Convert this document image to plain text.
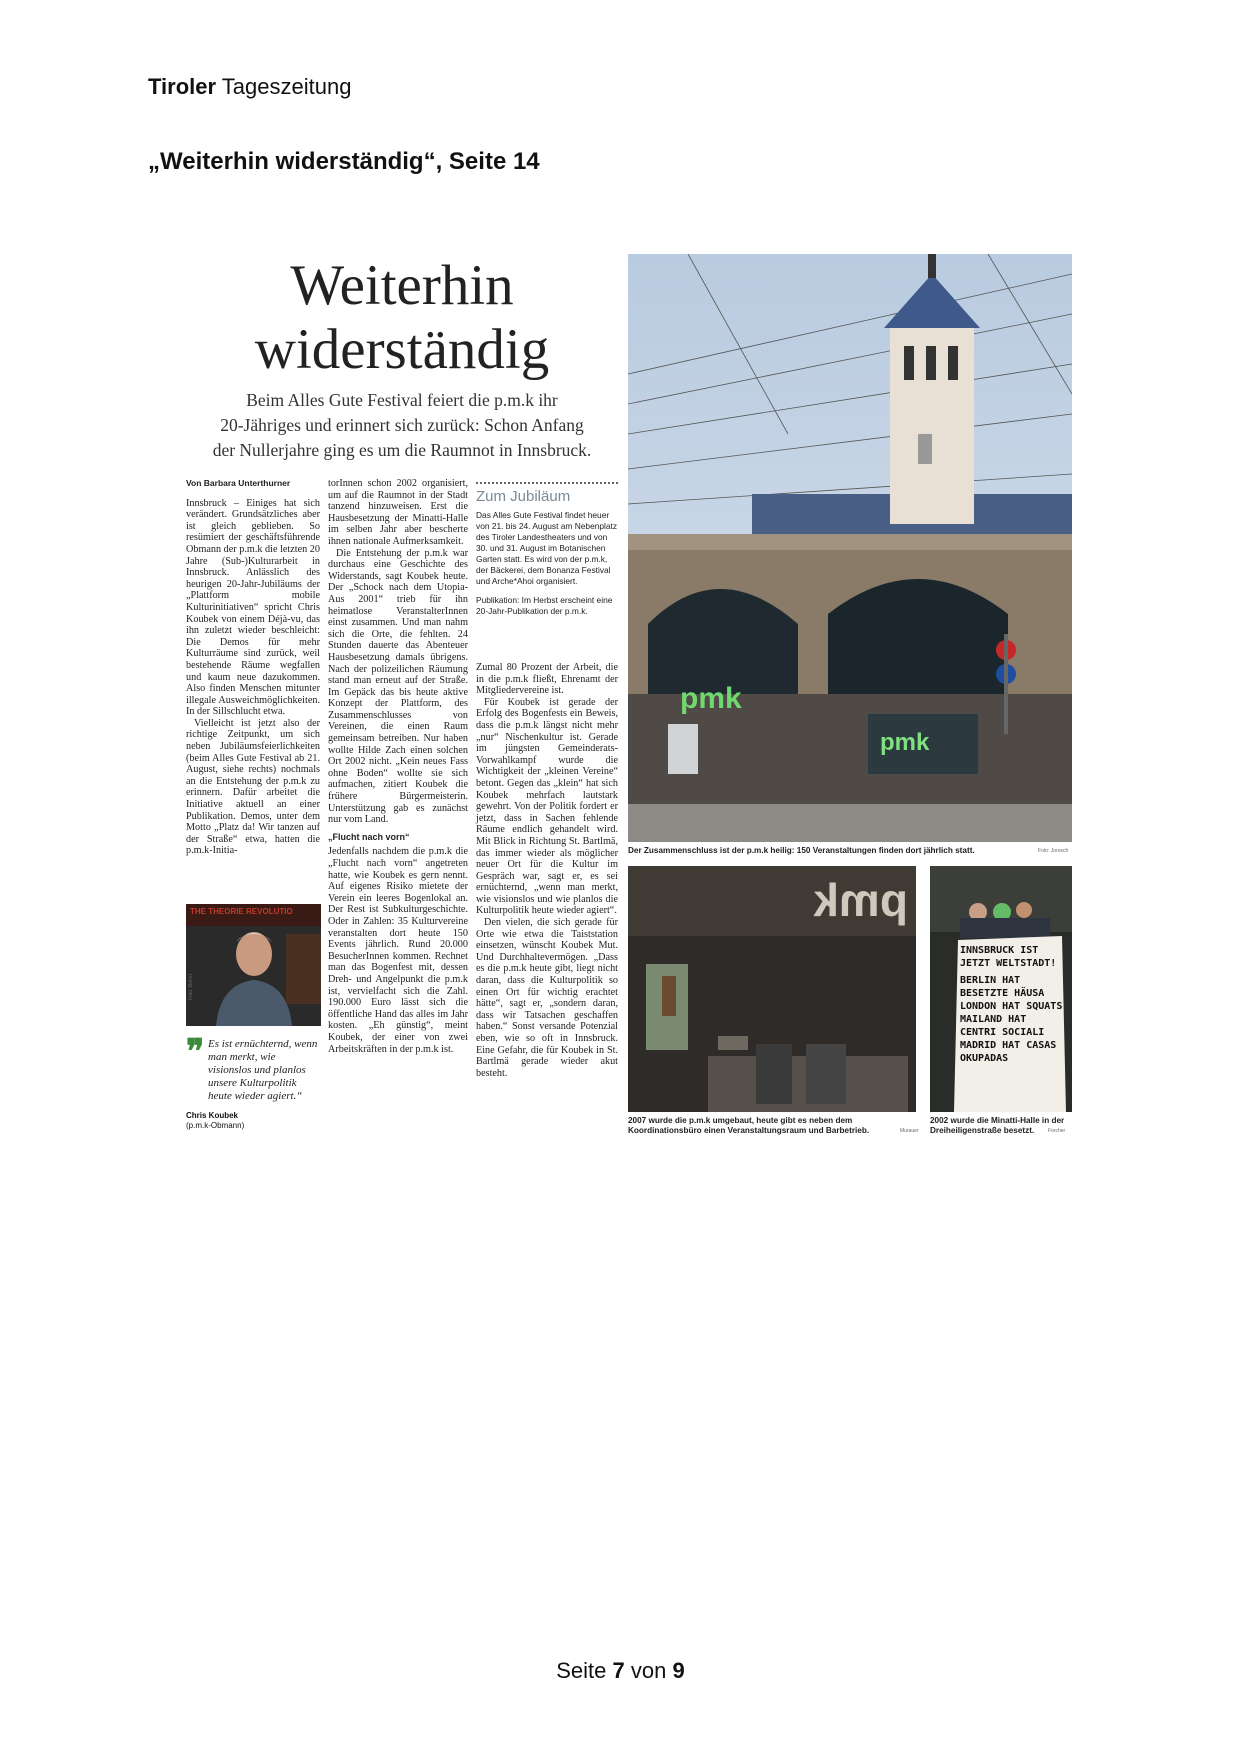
Tiroler Tageszeitung
„Weiterhin widerständig“, Seite 14
Weiterhin
widerständig
Beim Alles Gute Festival feiert die p.m.k ihr
20-Jähriges und erinnert sich zurück: Schon Anfang
der Nullerjahre ging es um die Raumnot in Innsbruck.

Von Barbara Unterthurner

Innsbruck – Einiges hat sich verändert. Grundsätzliches aber ist gleich geblieben. So resümiert der geschäftsführende Obmann der p.m.k die letzten 20 Jahre (Sub-)Kulturarbeit in Innsbruck. Anlässlich des heurigen 20-Jahr-Jubiläums der „Plattform mobile Kulturinitiativen“ spricht Chris Koubek von einem Déjà-vu, das ihn zuletzt wieder beschleicht: Die Demos für mehr Kulturräume sind zurück, weil bestehende Räume wegfallen und kaum neue dazukommen. Also finden Menschen mitunter illegale Ausweichmöglichkeiten. In der Sillschlucht etwa.

Vielleicht ist jetzt also der richtige Zeitpunkt, um sich neben Jubiläumsfeierlichkeiten (beim Alles Gute Festival ab 21. August, siehe rechts) nochmals an die Entstehung der p.m.k zu erinnern. Dafür arbeitet die Initiative aktuell an einer Publikation. Demos, unter dem Motto „Platz da! Wir tanzen auf der Straße“ etwa, hatten die p.m.k-Initia-

THE THEORIE REVOLUTIO
Foto: Böhm
❞ Es ist ernüchternd, wenn man merkt, wie visionslos und planlos unsere Kulturpolitik heute wieder agiert.“
Chris Koubek
(p.m.k-Obmann)

torInnen schon 2002 organisiert, um auf die Raumnot in der Stadt tanzend hinzuweisen. Erst die Hausbesetzung der Minatti-Halle im selben Jahr aber bescherte ihnen nationale Aufmerksamkeit.

Die Entstehung der p.m.k war durchaus eine Geschichte des Widerstands, sagt Koubek heute. Der „Schock nach dem Utopia-Aus 2001“ trieb für ihn heimatlose VeranstalterInnen einst zusammen. Und man nahm sich die Orte, die fehlten. 24 Stunden dauerte das Abenteuer Hausbesetzung damals übrigens. Nach der polizeilichen Räumung stand man erneut auf der Straße. Im Gepäck das bis heute aktive Konzept der Plattform, des Zusammenschlusses von Vereinen, die einen Raum gemeinsam betreiben. Nur haben wollte Hilde Zach einen solchen Ort 2002 nicht. „Kein neues Fass ohne Boden“ wollte sie sich aufmachen, zitiert Koubek die frühere Bürgermeisterin. Unterstützung gab es zunächst nur vom Land.

„Flucht nach vorn“

Jedenfalls nachdem die p.m.k die „Flucht nach vorn“ angetreten hatte, wie Koubek es gern nennt. Auf eigenes Risiko mietete der Verein ein leeres Bogenlokal an. Der Rest ist Subkulturgeschichte. Oder in Zahlen: 35 Kulturvereine veranstalten dort heute 150 Events jährlich. Rund 20.000 BesucherInnen kommen. Rechnet man das Bogenfest mit, dessen Dreh- und Angelpunkt die p.m.k ist, vervielfacht sich die Zahl. 190.000 Euro lässt sich die öffentliche Hand das alles im Jahr kosten. „Eh günstig“, meint Koubek, der einer von zwei Arbeitskräften in der p.m.k ist.

Zum Jubiläum

Das Alles Gute Festival findet heuer von 21. bis 24. August am Nebenplatz des Tiroler Landestheaters und von 30. und 31. August im Botanischen Garten statt. Es wird von der p.m.k, der Bäckerei, dem Bonanza Festival und Arche*Ahoi organisiert.

Publikation: Im Herbst erscheint eine 20-Jahr-Publikation der p.m.k.

Zumal 80 Prozent der Arbeit, die in die p.m.k fließt, Ehrenamt der Mitgliedervereine ist.

Für Koubek ist gerade der Erfolg des Bogenfests ein Beweis, dass die p.m.k längst nicht mehr „nur“ Nischenkultur ist. Gerade im jüngsten Gemeinderats-Vorwahlkampf wurde die Wichtigkeit der „kleinen Vereine“ betont. Gegen das „klein“ hat sich Koubek mehrfach lautstark gewehrt. Von der Politik fordert er jetzt, dass in Sachen fehlende Räume endlich gehandelt wird. Mit Blick in Richtung St. Bartlmä, das immer wieder als möglicher neuer Ort für die Kultur im Gespräch war, sagt er, es sei ernüchternd, „wenn man merkt, wie visionslos und wie planlos die Kulturpolitik heute wieder agiert“.

Den vielen, die sich gerade für Orte wie etwa die Taiststation einsetzen, wünscht Koubek Mut. Und Durchhaltevermögen. „Dass es die p.m.k heute gibt, liegt nicht daran, dass die Kulturpolitik so einen Ort für wichtig erachtet hätte“, sagt er, „sondern daran, dass wir Tatsachen geschaffen haben.“ Sonst versande Potenzial eben, wie so oft in Innsbruck. Eine Gefahr, die für Koubek in St. Bartlmä gerade wieder akut besteht.

pmk
pmk
Der Zusammenschluss ist der p.m.k heilig: 150 Veranstaltungen finden dort jährlich statt.	Foto: Jorosch
pmk
2007 wurde die p.m.k umgebaut, heute gibt es neben dem Koordinationsbüro einen Veranstaltungsraum und Barbetrieb.	Murauer
INNSBRUCK IST JETZT WELTSTADT!
BERLIN HAT BESETZTE HÄUSA
LONDON HAT SQUATS
MAILAND HAT CENTRI SOCIALI
MADRID HAT CASAS OKUPADAS
2002 wurde die Minatti-Halle in der Dreiheiligenstraße besetzt.	Forcher
Seite 7 von 9
